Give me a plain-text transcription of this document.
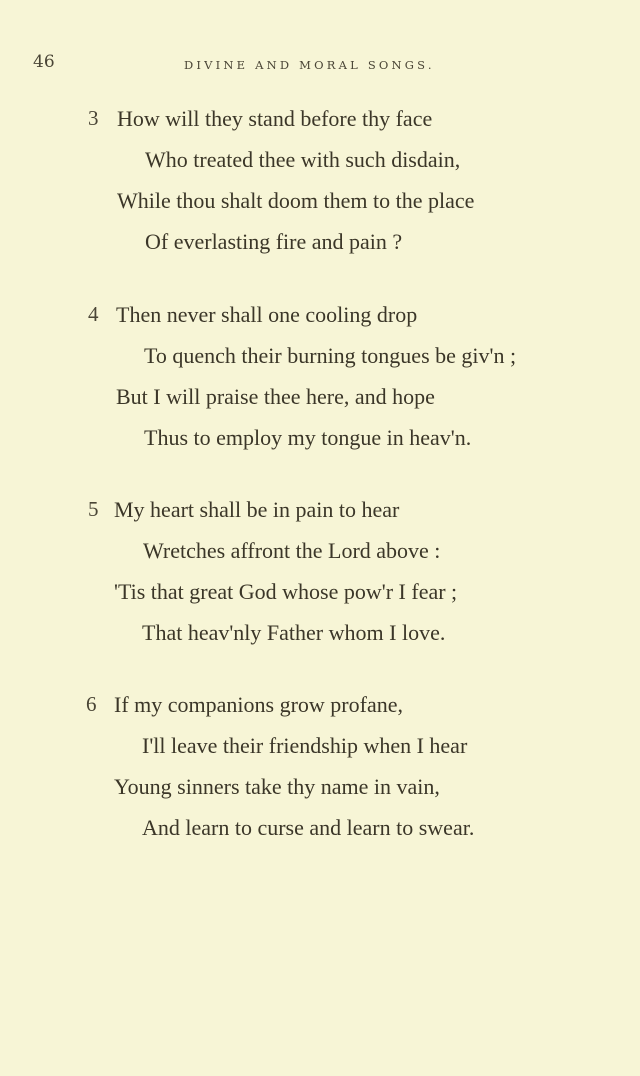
46	DIVINE AND MORAL SONGS.
3 How will they stand before thy face
Who treated thee with such disdain,
While thou shalt doom them to the place
Of everlasting fire and pain ?
4 Then never shall one cooling drop
To quench their burning tongues be giv'n ;
But I will praise thee here, and hope
Thus to employ my tongue in heav'n.
5 My heart shall be in pain to hear
Wretches affront the Lord above :
'Tis that great God whose pow'r I fear ;
That heav'nly Father whom I love.
6 If my companions grow profane,
I'll leave their friendship when I hear
Young sinners take thy name in vain,
And learn to curse and learn to swear.
